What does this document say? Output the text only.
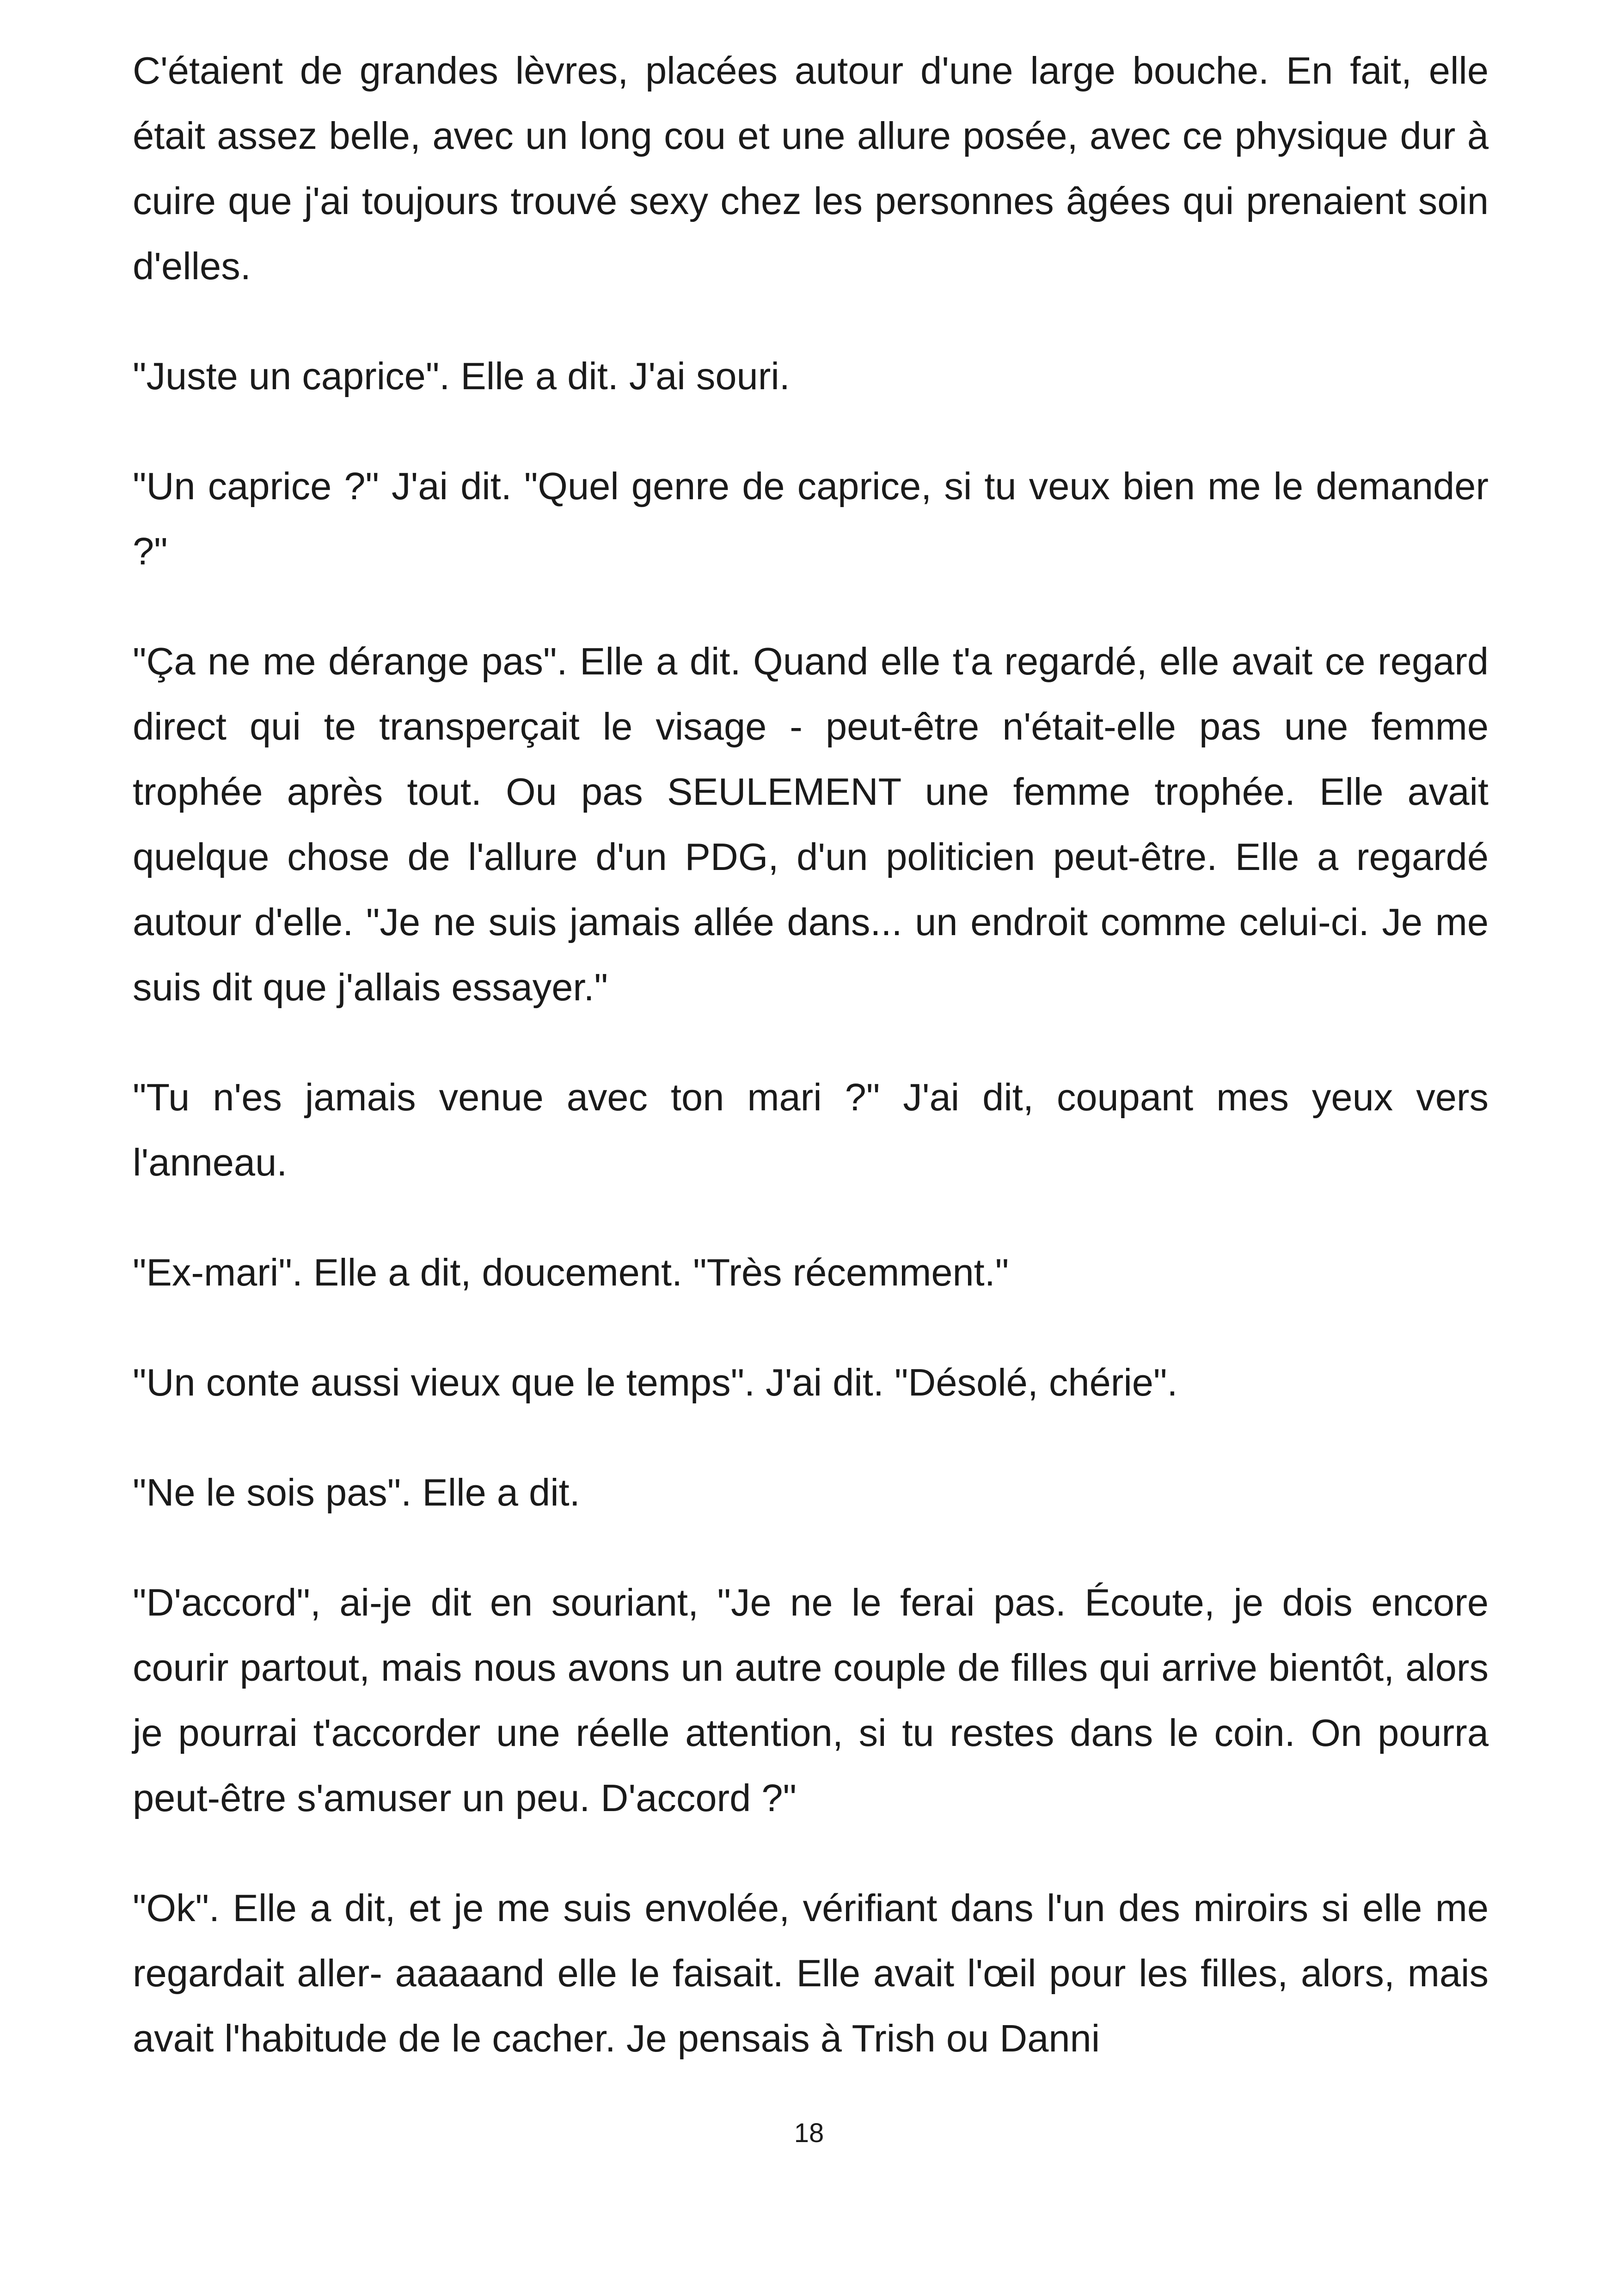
C'étaient de grandes lèvres, placées autour d'une large bouche. En fait, elle était assez belle, avec un long cou et une allure posée, avec ce physique dur à cuire que j'ai toujours trouvé sexy chez les personnes âgées qui prenaient soin d'elles.

"Juste un caprice". Elle a dit. J'ai souri.

"Un caprice ?" J'ai dit. "Quel genre de caprice, si tu veux bien me le demander ?"

"Ça ne me dérange pas". Elle a dit. Quand elle t'a regardé, elle avait ce regard direct qui te transperçait le visage - peut-être n'était-elle pas une femme trophée après tout. Ou pas SEULEMENT une femme trophée. Elle avait quelque chose de l'allure d'un PDG, d'un politicien peut-être. Elle a regardé autour d'elle. "Je ne suis jamais allée dans... un endroit comme celui-ci. Je me suis dit que j'allais essayer."

"Tu n'es jamais venue avec ton mari ?" J'ai dit, coupant mes yeux vers l'anneau.

"Ex-mari". Elle a dit, doucement. "Très récemment."

"Un conte aussi vieux que le temps". J'ai dit. "Désolé, chérie".

"Ne le sois pas". Elle a dit.

"D'accord", ai-je dit en souriant, "Je ne le ferai pas. Écoute, je dois encore courir partout, mais nous avons un autre couple de filles qui arrive bientôt, alors je pourrai t'accorder une réelle attention, si tu restes dans le coin. On pourra peut-être s'amuser un peu. D'accord ?"

"Ok". Elle a dit, et je me suis envolée, vérifiant dans l'un des miroirs si elle me regardait aller- aaaaand elle le faisait. Elle avait l'œil pour les filles, alors, mais avait l'habitude de le cacher. Je pensais à Trish ou Danni

18
